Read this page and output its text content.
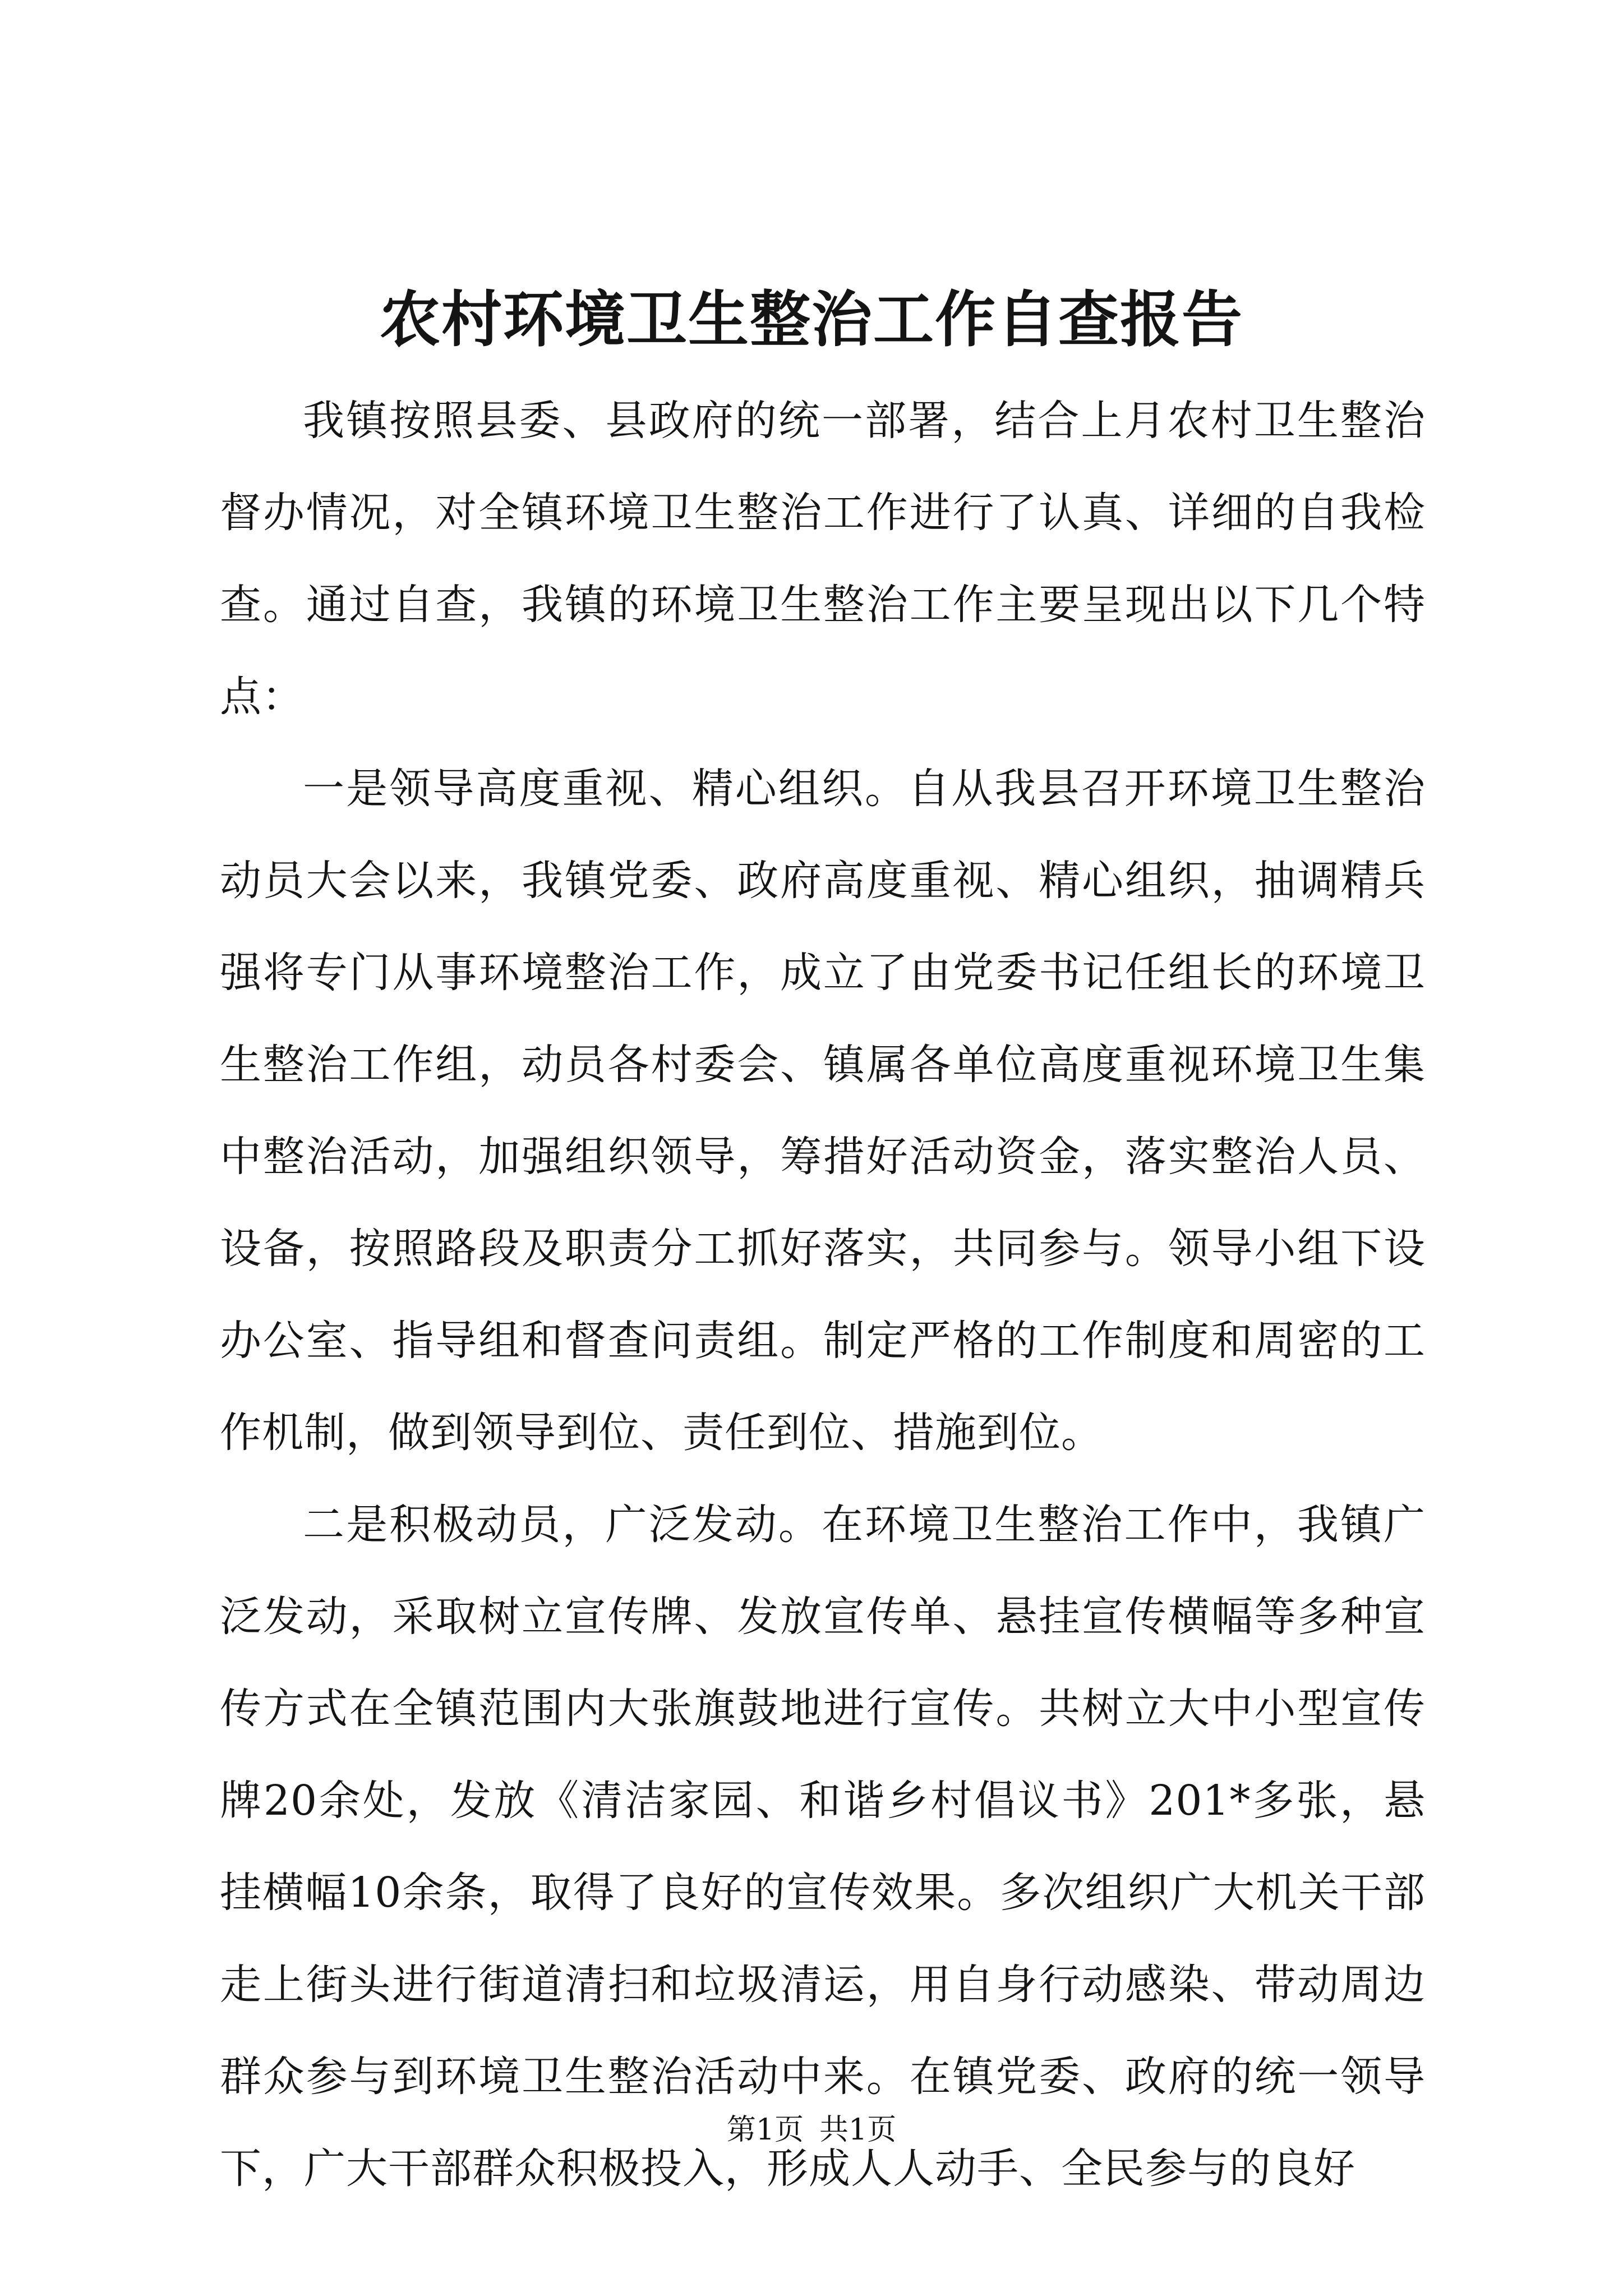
农村环境卫生整治工作自查报告

我镇按照县委、县政府的统一部署，结合上月农村卫生整治督办情况，对全镇环境卫生整治工作进行了认真、详细的自我检查。通过自查，我镇的环境卫生整治工作主要呈现出以下几个特点：

一是领导高度重视、精心组织。自从我县召开环境卫生整治动员大会以来，我镇党委、政府高度重视、精心组织，抽调精兵强将专门从事环境整治工作，成立了由党委书记任组长的环境卫生整治工作组，动员各村委会、镇属各单位高度重视环境卫生集中整治活动，加强组织领导，筹措好活动资金，落实整治人员、设备，按照路段及职责分工抓好落实，共同参与。领导小组下设办公室、指导组和督查问责组。制定严格的工作制度和周密的工作机制，做到领导到位、责任到位、措施到位。

二是积极动员，广泛发动。在环境卫生整治工作中，我镇广泛发动，采取树立宣传牌、发放宣传单、悬挂宣传横幅等多种宣传方式在全镇范围内大张旗鼓地进行宣传。共树立大中小型宣传牌20余处，发放《清洁家园、和谐乡村倡议书》201*多张，悬挂横幅10余条，取得了良好的宣传效果。多次组织广大机关干部走上街头进行街道清扫和垃圾清运，用自身行动感染、带动周边群众参与到环境卫生整治活动中来。在镇党委、政府的统一领导下，广大干部群众积极投入，形成人人动手、全民参与的良好

第1页 共1页
